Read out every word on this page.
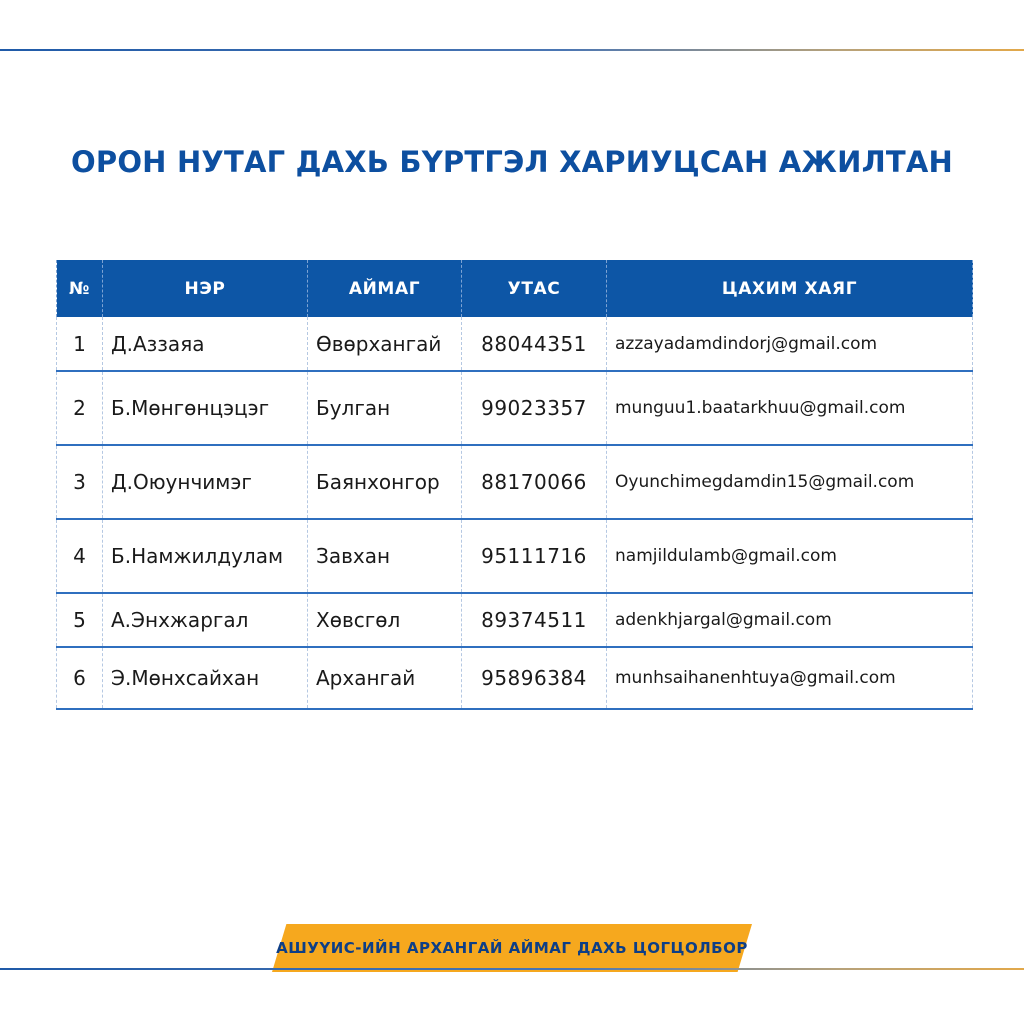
ОРОН НУТАГ ДАХЬ БҮРТГЭЛ ХАРИУЦСАН АЖИЛТАН
№	НЭР	АЙМАГ	УТАС	ЦАХИМ ХАЯГ
1	Д.Аззаяа	Өвөрхангай	88044351	azzayadamdindorj@gmail.com
2	Б.Мөнгөнцэцэг	Булган	99023357	munguu1.baatarkhuu@gmail.com
3	Д.Оюунчимэг	Баянхонгор	88170066	Oyunchimegdamdin15@gmail.com
4	Б.Намжилдулам	Завхан	95111716	namjildulamb@gmail.com
5	А.Энхжаргал	Хөвсгөл	89374511	adenkhjargal@gmail.com
6	Э.Мөнхсайхан	Архангай	95896384	munhsaihanenhtuya@gmail.com
АШУҮИС-ИЙН АРХАНГАЙ АЙМАГ ДАХЬ ЦОГЦОЛБОР
